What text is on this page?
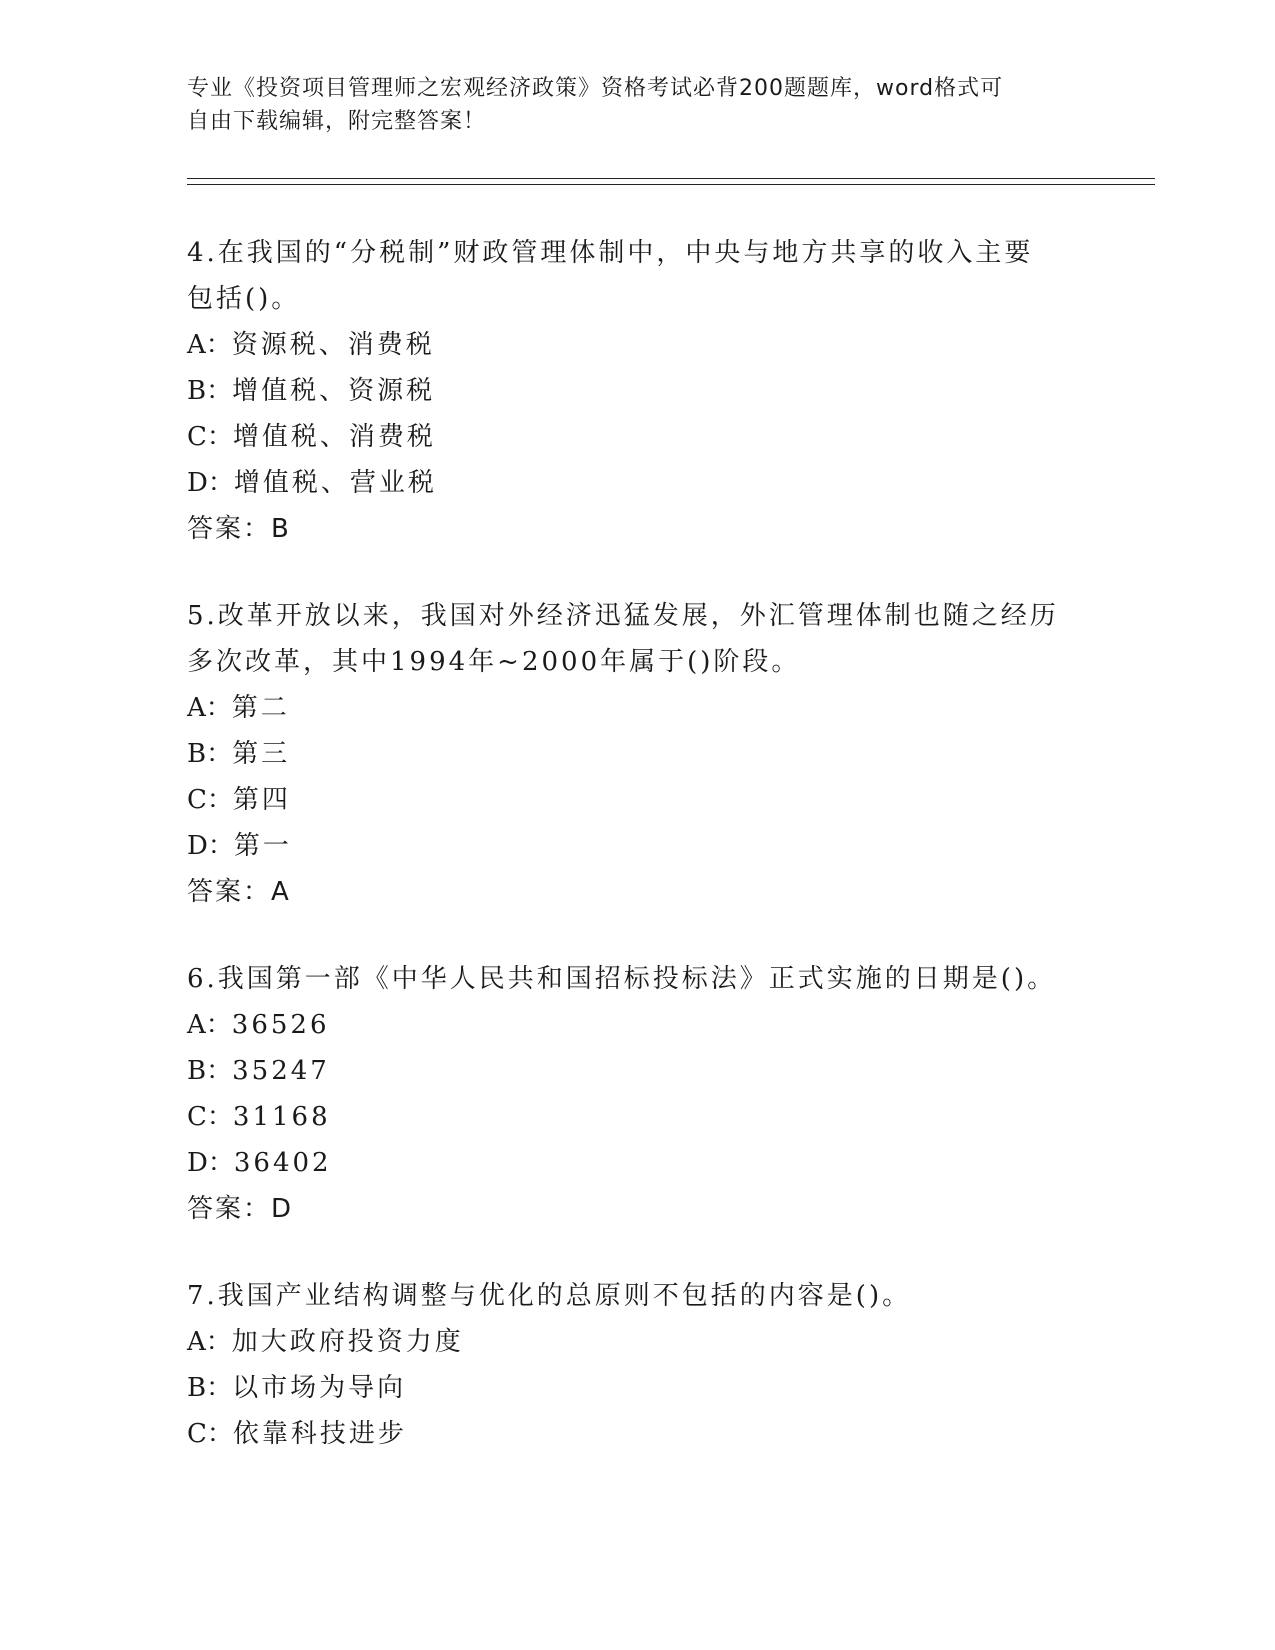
专业《投资项目管理师之宏观经济政策》资格考试必背200题题库，word格式可
自由下载编辑，附完整答案！
4.在我国的“分税制”财政管理体制中，中央与地方共享的收入主要
包括()。
A：资源税、消费税
B：增值税、资源税
C：增值税、消费税
D：增值税、营业税
答案：B
5.改革开放以来，我国对外经济迅猛发展，外汇管理体制也随之经历
多次改革，其中1994年~2000年属于()阶段。
A：第二
B：第三
C：第四
D：第一
答案：A
6.我国第一部《中华人民共和国招标投标法》正式实施的日期是()。
A：36526
B：35247
C：31168
D：36402
答案：D
7.我国产业结构调整与优化的总原则不包括的内容是()。
A：加大政府投资力度
B：以市场为导向
C：依靠科技进步
